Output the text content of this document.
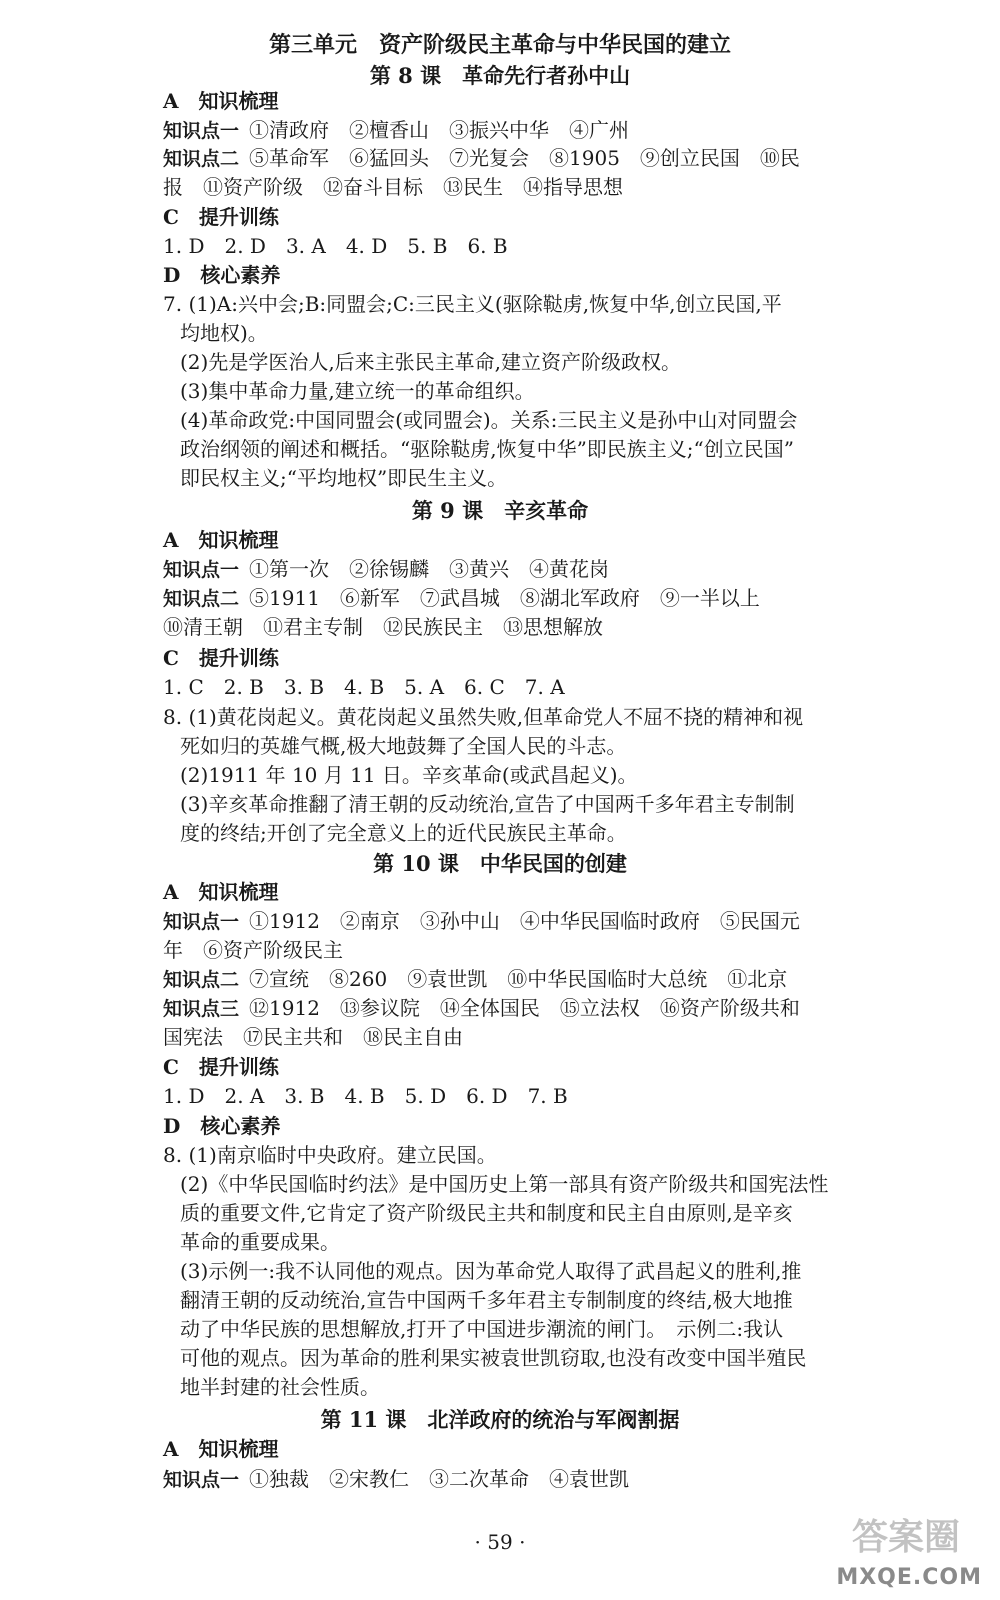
第三单元　资产阶级民主革命与中华民国的建立
第 8 课　革命先行者孙中山
A　知识梳理
知识点一 ①清政府　②檀香山　③振兴中华　④广州
知识点二 ⑤革命军　⑥猛回头　⑦光复会　⑧1905　⑨创立民国　⑩民
报　⑪资产阶级　⑫奋斗目标　⑬民生　⑭指导思想
C　提升训练
1. D　2. D　3. A　4. D　5. B　6. B
D　核心素养
7. (1)A:兴中会;B:同盟会;C:三民主义(驱除鞑虏,恢复中华,创立民国,平
均地权)。
(2)先是学医治人,后来主张民主革命,建立资产阶级政权。
(3)集中革命力量,建立统一的革命组织。
(4)革命政党:中国同盟会(或同盟会)。关系:三民主义是孙中山对同盟会
政治纲领的阐述和概括。“驱除鞑虏,恢复中华”即民族主义;“创立民国”
即民权主义;“平均地权”即民生主义。
第 9 课　辛亥革命
A　知识梳理
知识点一 ①第一次　②徐锡麟　③黄兴　④黄花岗
知识点二 ⑤1911　⑥新军　⑦武昌城　⑧湖北军政府　⑨一半以上
⑩清王朝　⑪君主专制　⑫民族民主　⑬思想解放
C　提升训练
1. C　2. B　3. B　4. B　5. A　6. C　7. A
8. (1)黄花岗起义。黄花岗起义虽然失败,但革命党人不屈不挠的精神和视
死如归的英雄气概,极大地鼓舞了全国人民的斗志。
(2)1911 年 10 月 11 日。辛亥革命(或武昌起义)。
(3)辛亥革命推翻了清王朝的反动统治,宣告了中国两千多年君主专制制
度的终结;开创了完全意义上的近代民族民主革命。
第 10 课　中华民国的创建
A　知识梳理
知识点一 ①1912　②南京　③孙中山　④中华民国临时政府　⑤民国元
年　⑥资产阶级民主
知识点二 ⑦宣统　⑧260　⑨袁世凯　⑩中华民国临时大总统　⑪北京
知识点三 ⑫1912　⑬参议院　⑭全体国民　⑮立法权　⑯资产阶级共和
国宪法　⑰民主共和　⑱民主自由
C　提升训练
1. D　2. A　3. B　4. B　5. D　6. D　7. B
D　核心素养
8. (1)南京临时中央政府。建立民国。
(2)《中华民国临时约法》是中国历史上第一部具有资产阶级共和国宪法性
质的重要文件,它肯定了资产阶级民主共和制度和民主自由原则,是辛亥
革命的重要成果。
(3)示例一:我不认同他的观点。因为革命党人取得了武昌起义的胜利,推
翻清王朝的反动统治,宣告中国两千多年君主专制制度的终结,极大地推
动了中华民族的思想解放,打开了中国进步潮流的闸门。　示例二:我认
可他的观点。因为革命的胜利果实被袁世凯窃取,也没有改变中国半殖民
地半封建的社会性质。
第 11 课　北洋政府的统治与军阀割据
A　知识梳理
知识点一 ①独裁　②宋教仁　③二次革命　④袁世凯
· 59 ·	答案圈
MXQE.COM
